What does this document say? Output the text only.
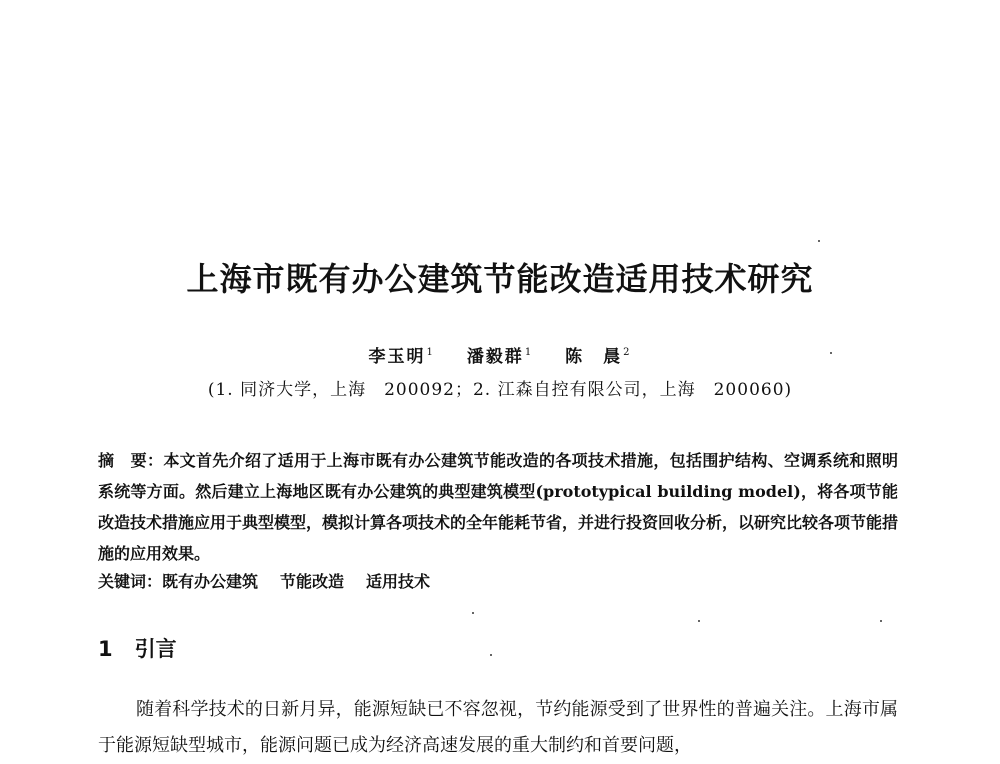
上海市既有办公建筑节能改造适用技术研究
李玉明$^1$ 潘毅群$^1$ 陈　晨$^2$
(1. 同济大学，上海　200092；2. 江森自控有限公司，上海　200060)
摘　要：本文首先介绍了适用于上海市既有办公建筑节能改造的各项技术措施，包括围护结构、空调系统和照明系统等方面。然后建立上海地区既有办公建筑的典型建筑模型(prototypical building model)，将各项节能改造技术措施应用于典型模型，模拟计算各项技术的全年能耗节省，并进行投资回收分析，以研究比较各项节能措施的应用效果。
关键词：既有办公建筑 节能改造 适用技术
1 引言
随着科学技术的日新月异，能源短缺已不容忽视，节约能源受到了世界性的普遍关注。上海市属于能源短缺型城市，能源问题已成为经济高速发展的重大制约和首要问题，
